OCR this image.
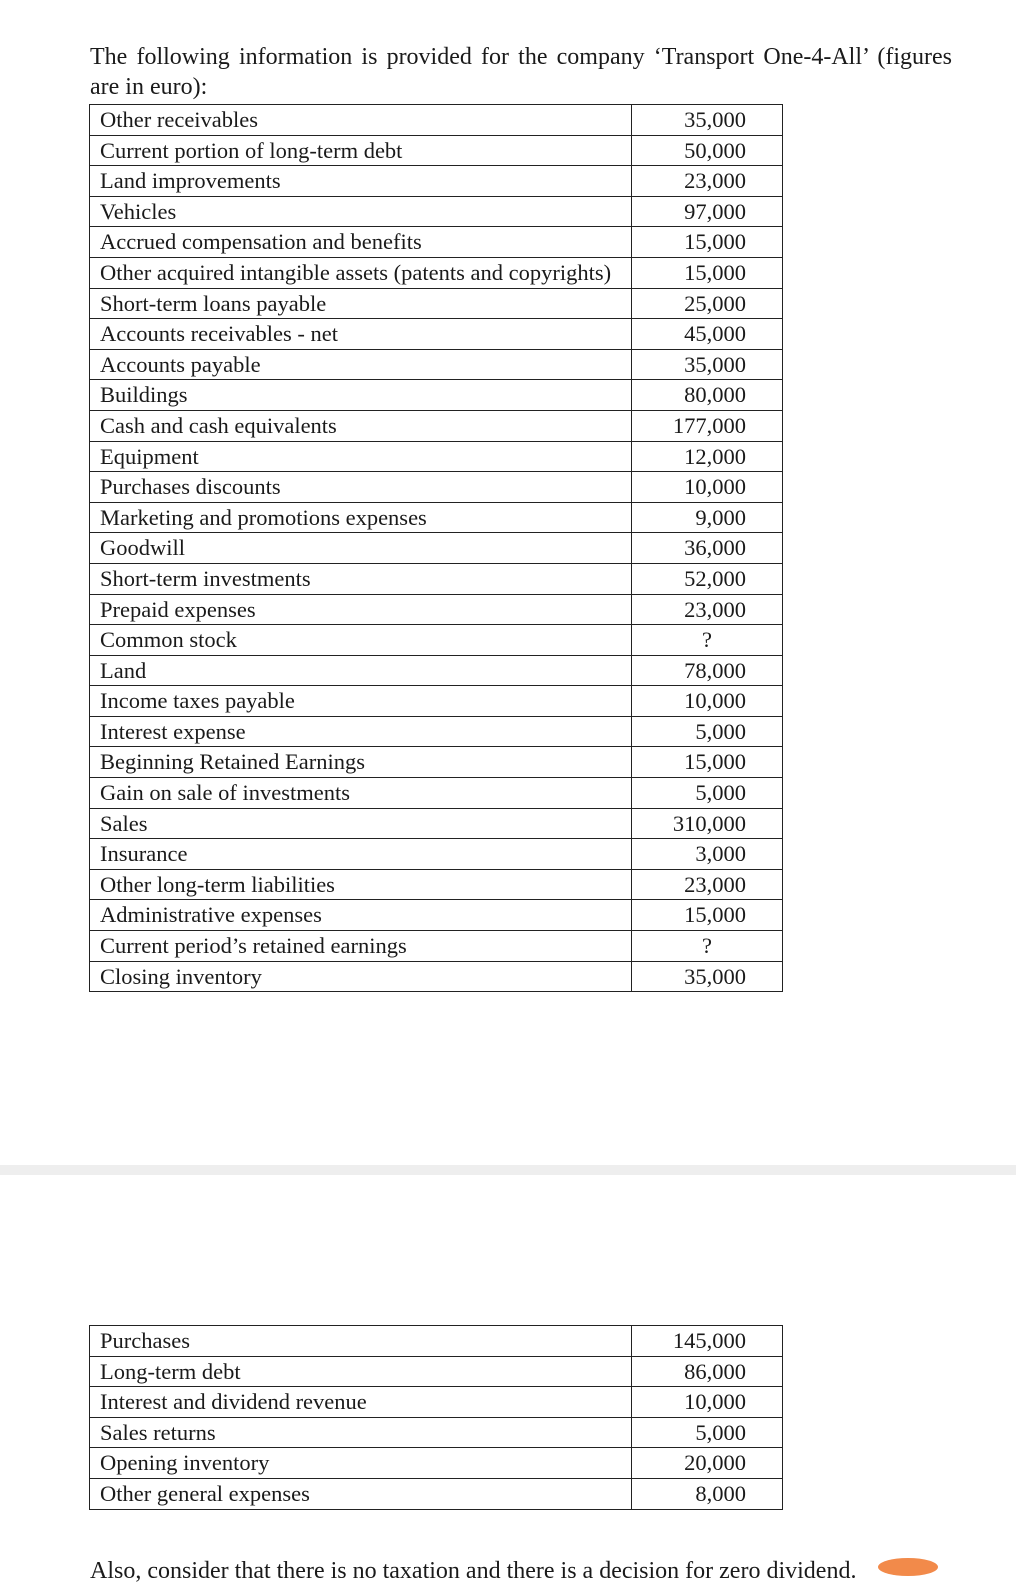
The following information is provided for the company ‘Transport One-4-All’ (figures are in euro):

Other receivables	35,000
Current portion of long-term debt	50,000
Land improvements	23,000
Vehicles	97,000
Accrued compensation and benefits	15,000
Other acquired intangible assets (patents and copyrights)	15,000
Short-term loans payable	25,000
Accounts receivables - net	45,000
Accounts payable	35,000
Buildings	80,000
Cash and cash equivalents	177,000
Equipment	12,000
Purchases discounts	10,000
Marketing and promotions expenses	9,000
Goodwill	36,000
Short-term investments	52,000
Prepaid expenses	23,000
Common stock	?
Land	78,000
Income taxes payable	10,000
Interest expense	5,000
Beginning Retained Earnings	15,000
Gain on sale of investments	5,000
Sales	310,000
Insurance	3,000
Other long-term liabilities	23,000
Administrative expenses	15,000
Current period’s retained earnings	?
Closing inventory	35,000
Purchases	145,000
Long-term debt	86,000
Interest and dividend revenue	10,000
Sales returns	5,000
Opening inventory	20,000
Other general expenses	8,000

Also, consider that there is no taxation and there is a decision for zero dividend.
